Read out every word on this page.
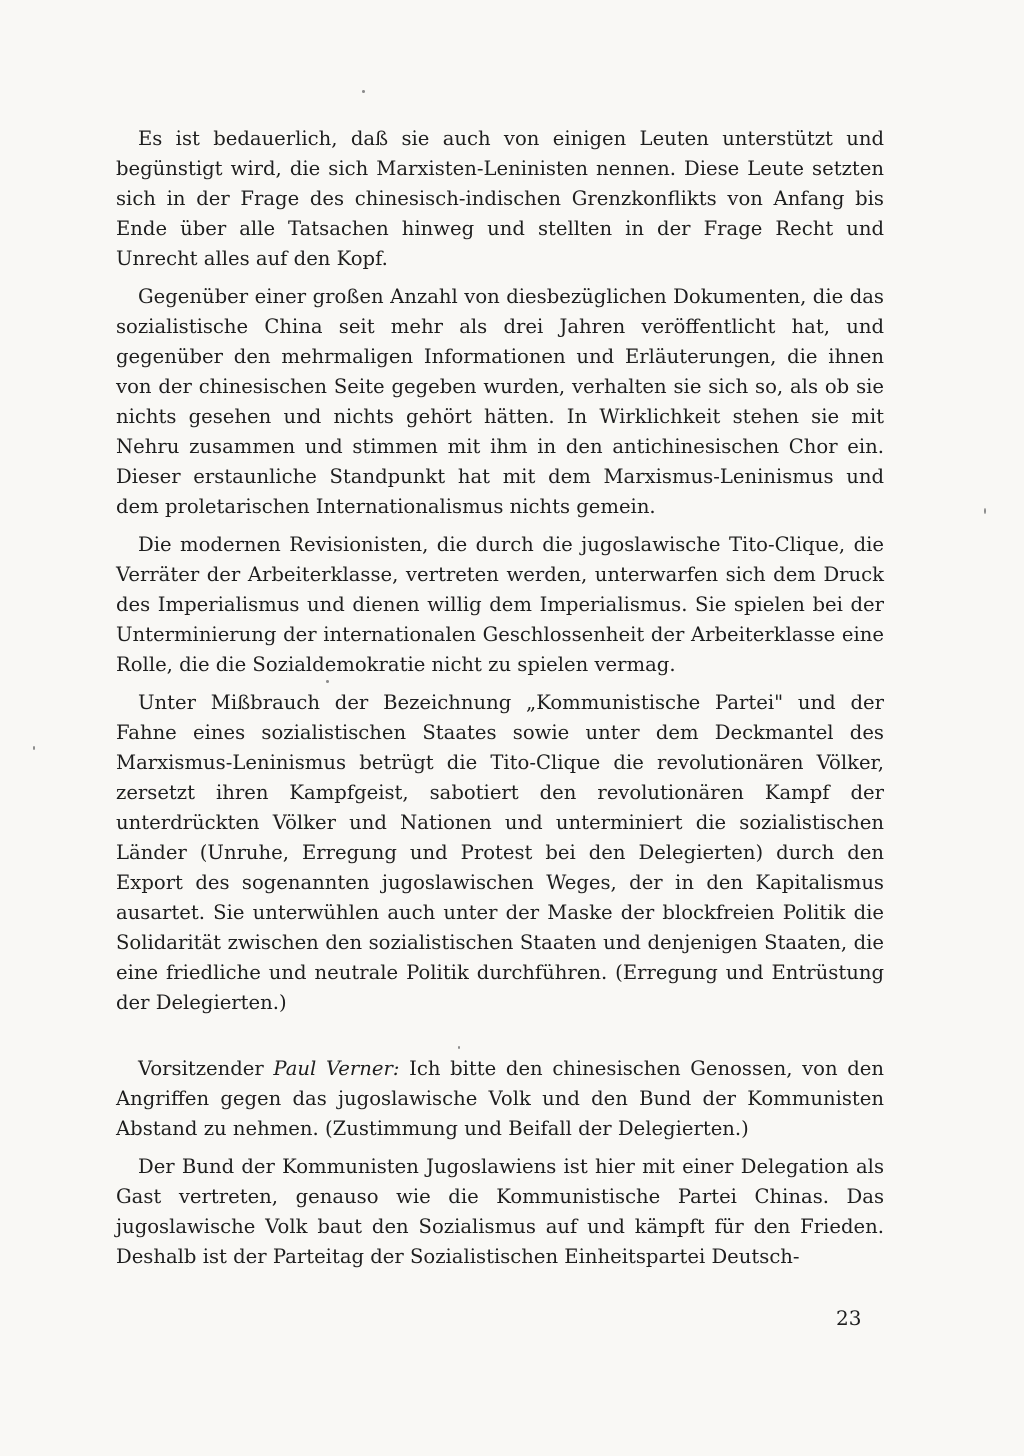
Es ist bedauerlich, daß sie auch von einigen Leuten unterstützt und begünstigt wird, die sich Marxisten-Leninisten nennen. Diese Leute setzten sich in der Frage des chinesisch-indischen Grenzkonflikts von Anfang bis Ende über alle Tatsachen hinweg und stellten in der Frage Recht und Unrecht alles auf den Kopf.

Gegenüber einer großen Anzahl von diesbezüglichen Dokumenten, die das sozialistische China seit mehr als drei Jahren veröffentlicht hat, und gegenüber den mehrmaligen Informationen und Erläuterungen, die ihnen von der chinesischen Seite gegeben wurden, verhalten sie sich so, als ob sie nichts gesehen und nichts gehört hätten. In Wirklichkeit stehen sie mit Nehru zusammen und stimmen mit ihm in den antichinesischen Chor ein. Dieser erstaunliche Standpunkt hat mit dem Marxismus-Leninismus und dem proletarischen Internationalismus nichts gemein.

Die modernen Revisionisten, die durch die jugoslawische Tito-Clique, die Verräter der Arbeiterklasse, vertreten werden, unterwarfen sich dem Druck des Imperialismus und dienen willig dem Imperialismus. Sie spielen bei der Unterminierung der internationalen Geschlossenheit der Arbeiterklasse eine Rolle, die die Sozialdemokratie nicht zu spielen vermag.

Unter Mißbrauch der Bezeichnung „Kommunistische Partei" und der Fahne eines sozialistischen Staates sowie unter dem Deckmantel des Marxismus-Leninismus betrügt die Tito-Clique die revolutionären Völker, zersetzt ihren Kampfgeist, sabotiert den revolutionären Kampf der unterdrückten Völker und Nationen und unterminiert die sozialistischen Länder (Unruhe, Erregung und Protest bei den Delegierten) durch den Export des sogenannten jugoslawischen Weges, der in den Kapitalismus ausartet. Sie unterwühlen auch unter der Maske der blockfreien Politik die Solidarität zwischen den sozialistischen Staaten und denjenigen Staaten, die eine friedliche und neutrale Politik durchführen. (Erregung und Entrüstung der Delegierten.)

Vorsitzender Paul Verner: Ich bitte den chinesischen Genossen, von den Angriffen gegen das jugoslawische Volk und den Bund der Kommunisten Abstand zu nehmen. (Zustimmung und Beifall der Delegierten.)

Der Bund der Kommunisten Jugoslawiens ist hier mit einer Delegation als Gast vertreten, genauso wie die Kommunistische Partei Chinas. Das jugoslawische Volk baut den Sozialismus auf und kämpft für den Frieden. Deshalb ist der Parteitag der Sozialistischen Einheitspartei Deutsch-

23
